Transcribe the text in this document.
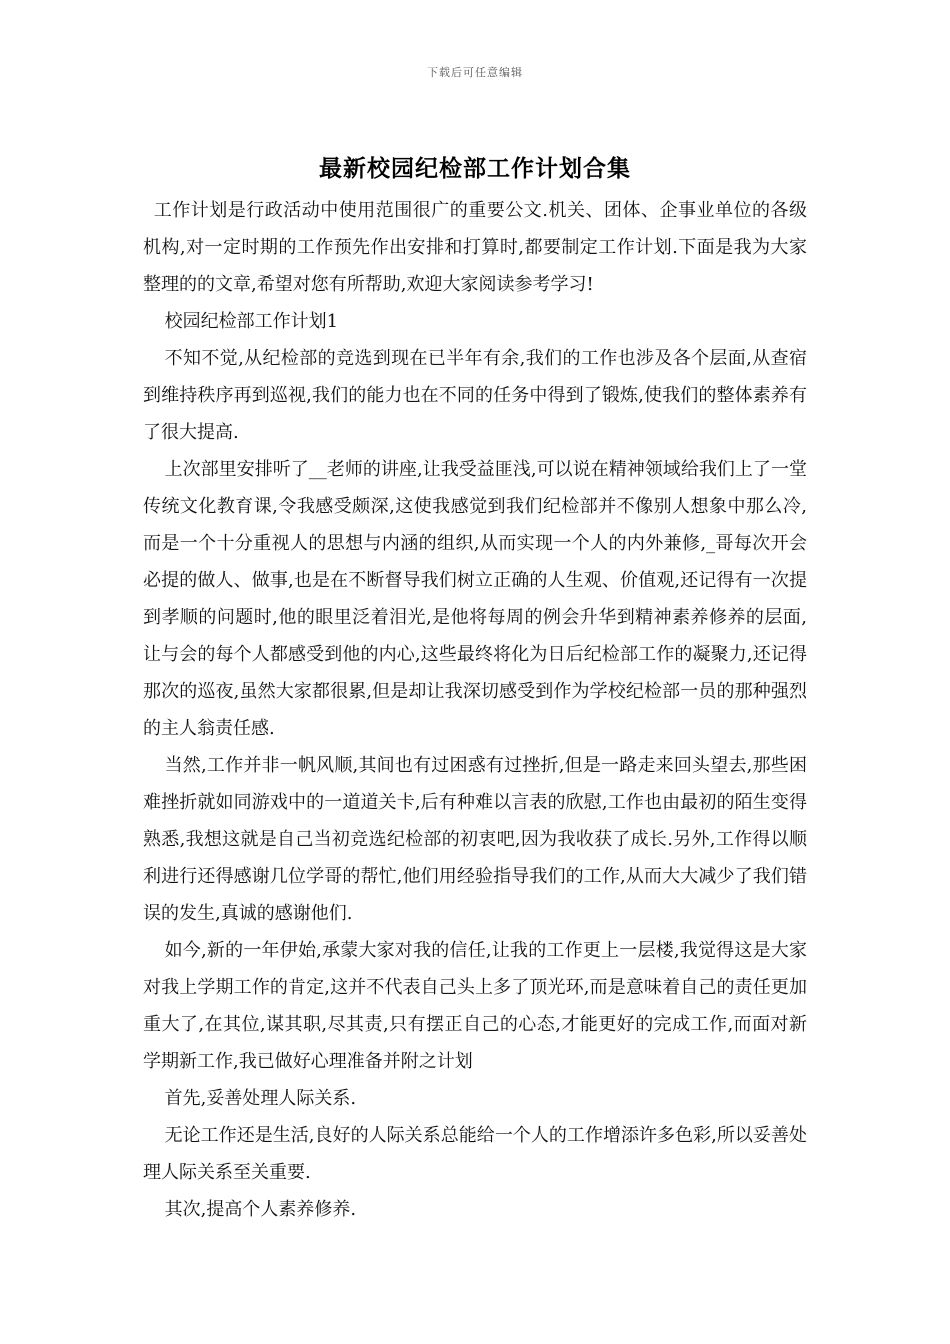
下载后可任意编辑
最新校园纪检部工作计划合集

工作计划是行政活动中使用范围很广的重要公文.机关、团体、企事业单位的各级机构,对一定时期的工作预先作出安排和打算时,都要制定工作计划.下面是我为大家整理的的文章,希望对您有所帮助,欢迎大家阅读参考学习!

校园纪检部工作计划1

不知不觉,从纪检部的竞选到现在已半年有余,我们的工作也涉及各个层面,从查宿到维持秩序再到巡视,我们的能力也在不同的任务中得到了锻炼,使我们的整体素养有了很大提高.

上次部里安排听了__老师的讲座,让我受益匪浅,可以说在精神领域给我们上了一堂传统文化教育课,令我感受颇深,这使我感觉到我们纪检部并不像别人想象中那么冷,而是一个十分重视人的思想与内涵的组织,从而实现一个人的内外兼修,_哥每次开会必提的做人、做事,也是在不断督导我们树立正确的人生观、价值观,还记得有一次提到孝顺的问题时,他的眼里泛着泪光,是他将每周的例会升华到精神素养修养的层面,让与会的每个人都感受到他的内心,这些最终将化为日后纪检部工作的凝聚力,还记得那次的巡夜,虽然大家都很累,但是却让我深切感受到作为学校纪检部一员的那种强烈的主人翁责任感.

当然,工作并非一帆风顺,其间也有过困惑有过挫折,但是一路走来回头望去,那些困难挫折就如同游戏中的一道道关卡,后有种难以言表的欣慰,工作也由最初的陌生变得熟悉,我想这就是自己当初竞选纪检部的初衷吧,因为我收获了成长.另外,工作得以顺利进行还得感谢几位学哥的帮忙,他们用经验指导我们的工作,从而大大减少了我们错误的发生,真诚的感谢他们.

如今,新的一年伊始,承蒙大家对我的信任,让我的工作更上一层楼,我觉得这是大家对我上学期工作的肯定,这并不代表自己头上多了顶光环,而是意味着自己的责任更加重大了,在其位,谋其职,尽其责,只有摆正自己的心态,才能更好的完成工作,而面对新学期新工作,我已做好心理准备并附之计划

首先,妥善处理人际关系.

无论工作还是生活,良好的人际关系总能给一个人的工作增添许多色彩,所以妥善处理人际关系至关重要.

其次,提高个人素养修养.
